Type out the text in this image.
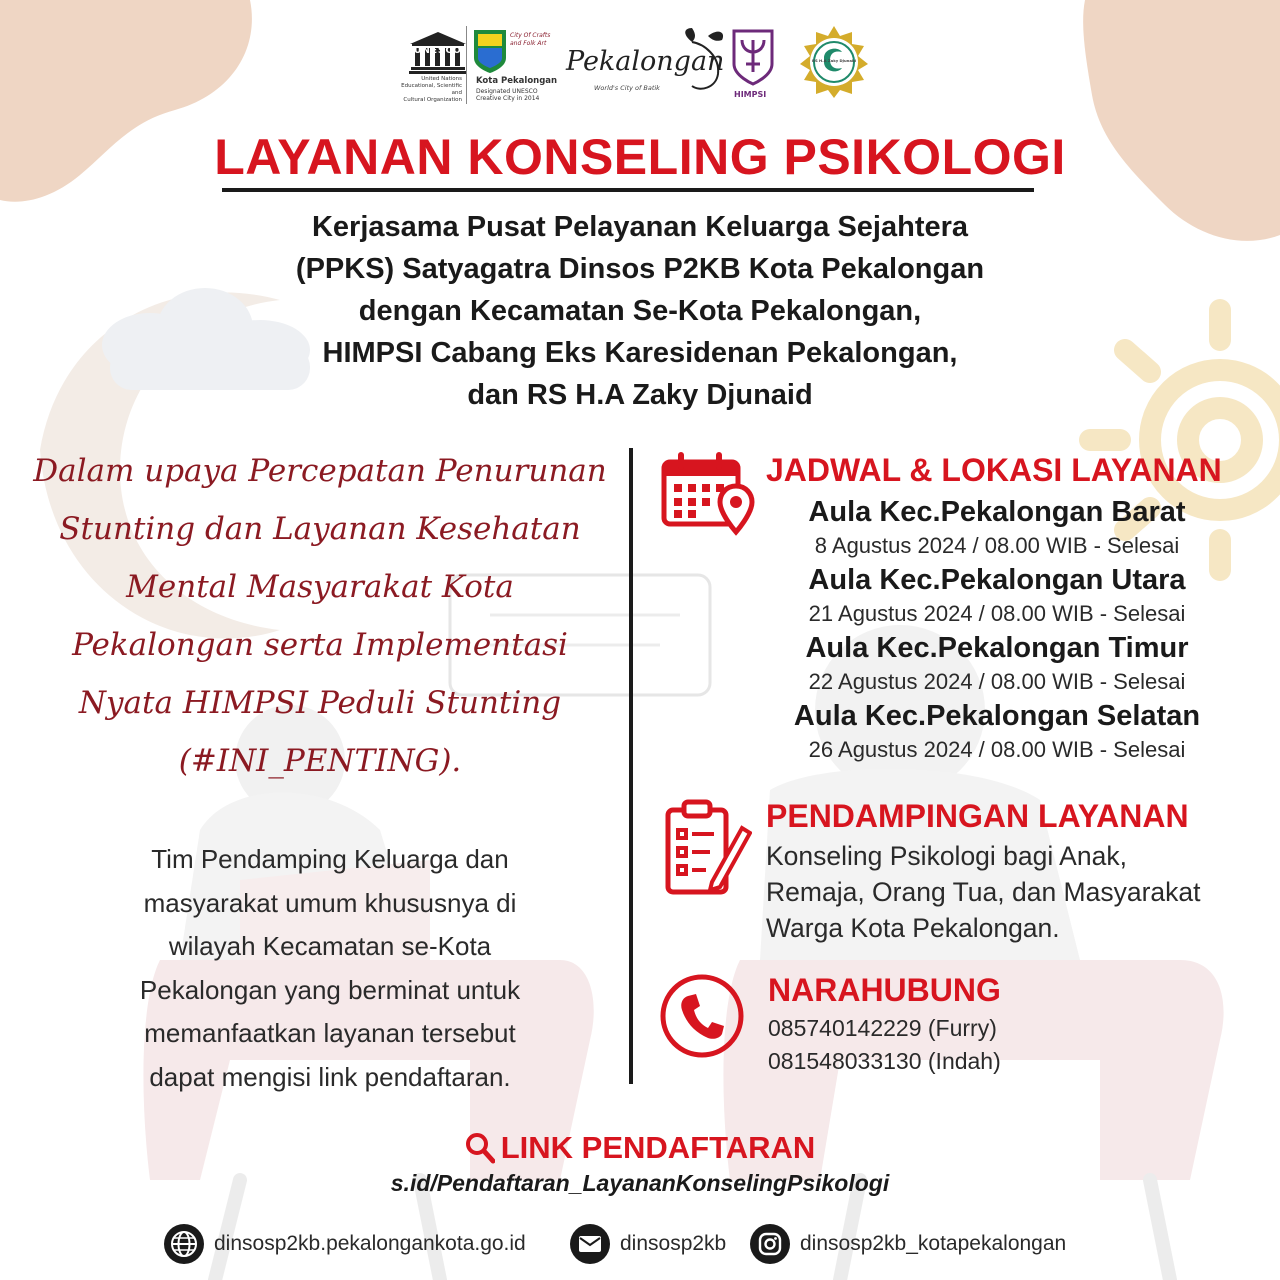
UNESCO
United Nations
Educational, Scientific and
Cultural Organization
City Of Crafts
and Folk Art
Kota Pekalongan
Designated UNESCO
Creative City in 2014
Pekalongan
World's City of Batik
HIMPSI
RS H.A Zaky Djunaid
LAYANAN KONSELING PSIKOLOGI
Kerjasama Pusat Pelayanan Keluarga Sejahtera
(PPKS) Satyagatra Dinsos P2KB Kota Pekalongan
dengan Kecamatan Se-Kota Pekalongan,
HIMPSI Cabang Eks Karesidenan Pekalongan,
dan RS H.A Zaky Djunaid
Dalam upaya Percepatan Penurunan
Stunting dan Layanan Kesehatan
Mental Masyarakat Kota
Pekalongan serta Implementasi
Nyata HIMPSI Peduli Stunting
(#INI_PENTING).
Tim Pendamping Keluarga dan
masyarakat umum khususnya di
wilayah Kecamatan se-Kota
Pekalongan yang berminat untuk
memanfaatkan layanan tersebut
dapat mengisi link pendaftaran.
JADWAL & LOKASI LAYANAN
Aula Kec.Pekalongan Barat
8 Agustus 2024 / 08.00 WIB - Selesai
Aula Kec.Pekalongan Utara
21 Agustus 2024 / 08.00 WIB - Selesai
Aula Kec.Pekalongan Timur
22 Agustus 2024 / 08.00 WIB - Selesai
Aula Kec.Pekalongan Selatan
26 Agustus 2024 / 08.00 WIB - Selesai
PENDAMPINGAN LAYANAN
Konseling Psikologi bagi Anak,
Remaja, Orang Tua, dan Masyarakat
Warga Kota Pekalongan.
NARAHUBUNG
085740142229 (Furry)
081548033130 (Indah)
LINK PENDAFTARAN
s.id/Pendaftaran_LayananKonselingPsikologi
dinsosp2kb.pekalongankota.go.id	dinsosp2kb	dinsosp2kb_kotapekalongan
